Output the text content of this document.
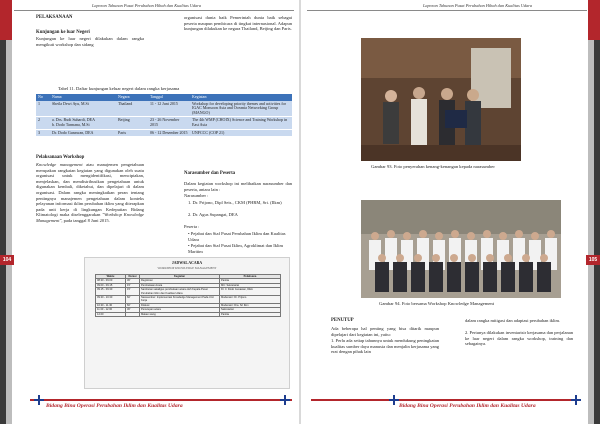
104
Laporan Tahunan Pusat Perubahan Hibah dan Kualitas Udara
PELAKSANAAN
Kunjungan ke luar Negeri
Kunjungan ke luar negeri dilakukan dalam rangka mengikuti workshop dan sidang
organisasi dunia baik Pemerintah dunia baik sebagai peserta maupun pembicara di tingkat internasional. Adapun kunjungan dilakukan ke negara Thailand, Beijing dan Paris.
Tabel 11. Daftar kunjungan keluar negeri dalam rangka kerjasama
No	Nama	Negara	Tanggal	Kegiatan
1	Sheila Dewi Ayu, M.Si	Thailand	11 - 12 Juni 2015	Workshop for developing priority themes and activities for IGAC Monsoon Asia and Oceania Networking Group (MANGO)
2	a. Drs. Budi Suhardi, DEA
b. Dodo Tarmana, M.Si	Beijing	23 - 26 November 2015	The 4th WMP (CHOIX) Science and Training Workshop in East Asia
3	Dr. Dodo Gunawan, DEA	Paris	06 - 12 Desember 2015	UNFCCC (COP 21)
Pelaksanaan Workshop
Knowledge management atau manajemen pengetahuan merupakan rangkaian kegiatan yang digunakan oleh suatu organisasi untuk mengidentifikasi, menciptakan, menjelaskan, dan mendistribusikan pengetahuan untuk digunakan kembali, diketahui, dan dipelajari di dalam organisasi. Dalam rangka meningkatkan peran tentang pentingnya manajemen pengetahuan dalam konteks pelayanan informasi iklim perubahan iklim yang diterapkan pada unit kerja di lingkungan Kedeputian Bidang Klimatologi maka diselenggarakan "Workshop Knowledge Management", pada tanggal 8 Juni 2015.
Narasumber dan Peserta
Dalam kegiatan workshop ini melibatkan narasumber dan peserta, antara lain :
Narasumber :
1. Dr. Prijono, Dipl Seis., CKM (PHRM, Sri. (Ilkm)
2. Dr. Agus Supangat, DEA
Peserta :
• Pejabat dan Staf Pusat Perubahan Iklim dan Kualitas Udara
• Pejabat dan Staf Pusat Iklim, Agroklimat dan Iklim Maritim
JADWAL ACARA
WORKSHOP KNOWLEDGE MANAGEMENT
Waktu	Durasi	Kegiatan	Pelaksana
08.30 - 09.00	30'	Registrasi	Panitia
09.00 - 09.15	15'	Pembukaan Acara	MC: Sekretariat
09.15 - 09.30	15'	Sambutan sekaligus pembukaan acara oleh Kepala Pusat Perubahan Iklim dan Kualitas Udara	Dr. Ir. Dodo Gunawan, DEA
09.30 - 10.30	60'	Narasumber: Implementasi Knowledge Management Pada Unit Kerja	Moderator: Dr. Prijono
10.30 - 11.30	60'	Diskusi	Moderator: Dra. Sri Ilkm
11.30 - 12.00	30'	Penutupan acara	Sekretariat
12.00		Makan siang	Panitia
Bidang Bina Operasi Perubahan Iklim dan Kualitas Udara
105
Laporan Tahunan Pusat Perubahan Hibah dan Kualitas Udara
Gambar 93. Foto penyerahan kenang-kenangan kepada narasumber
Gambar 94. Foto bersama Workshop Knowledge Management
PENUTUP
Ada beberapa hal penting yang bisa ditarik maupun dipelajari dari kegiatan ini, yaitu:
1. Perlu ada setiap tahunnya untuk mendukung peningkatan kualitas sumber daya manusia dan menjalin kerjasama yang erat dengan pihak lain
dalam rangka mitigasi dan adaptasi perubahan iklim.
2. Pertunya dilakukan inventarisir kerjasama dan perjalanan ke luar negeri dalam rangka workshop, training dan sebagainya.
Bidang Bina Operasi Perubahan Iklim dan Kualitas Udara
